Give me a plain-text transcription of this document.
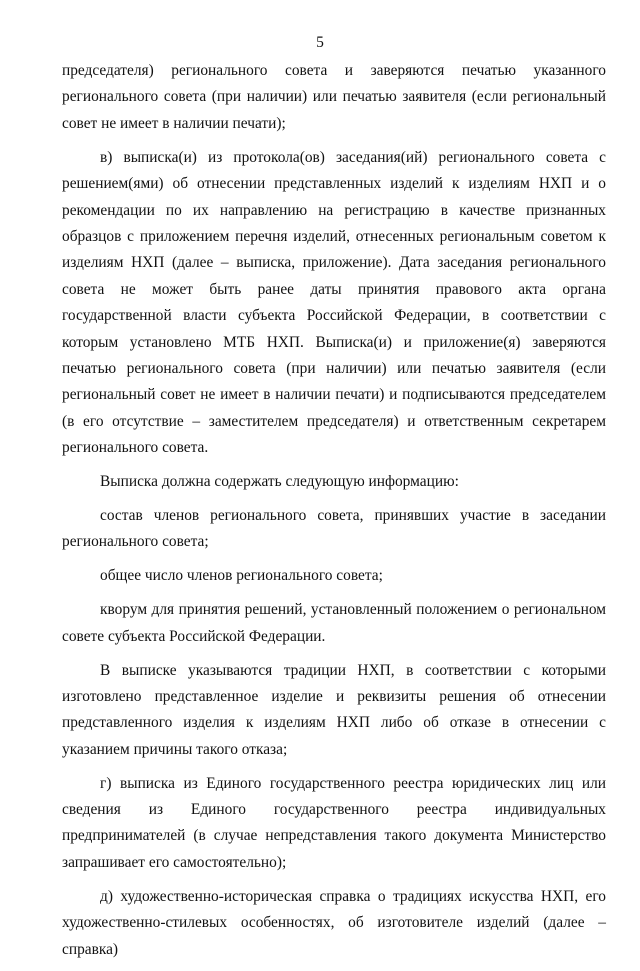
5

председателя) регионального совета и заверяются печатью указанного регионального совета (при наличии) или печатью заявителя (если региональный совет не имеет в наличии печати);

в) выписка(и) из протокола(ов) заседания(ий) регионального совета с решением(ями) об отнесении представленных изделий к изделиям НХП и о рекомендации по их направлению на регистрацию в качестве признанных образцов с приложением перечня изделий, отнесенных региональным советом к изделиям НХП (далее – выписка, приложение). Дата заседания регионального совета не может быть ранее даты принятия правового акта органа государственной власти субъекта Российской Федерации, в соответствии с которым установлено МТБ НХП. Выписка(и) и приложение(я) заверяются печатью регионального совета (при наличии) или печатью заявителя (если региональный совет не имеет в наличии печати) и подписываются председателем (в его отсутствие – заместителем председателя) и ответственным секретарем регионального совета.

Выписка должна содержать следующую информацию:

состав членов регионального совета, принявших участие в заседании регионального совета;

общее число членов регионального совета;

кворум для принятия решений, установленный положением о региональном совете субъекта Российской Федерации.

В выписке указываются традиции НХП, в соответствии с которыми изготовлено представленное изделие и реквизиты решения об отнесении представленного изделия к изделиям НХП либо об отказе в отнесении с указанием причины такого отказа;

г) выписка из Единого государственного реестра юридических лиц или сведения из Единого государственного реестра индивидуальных предпринимателей (в случае непредставления такого документа Министерство запрашивает его самостоятельно);

д) художественно-историческая справка о традициях искусства НХП, его художественно-стилевых особенностях, об изготовителе изделий (далее – справка)
